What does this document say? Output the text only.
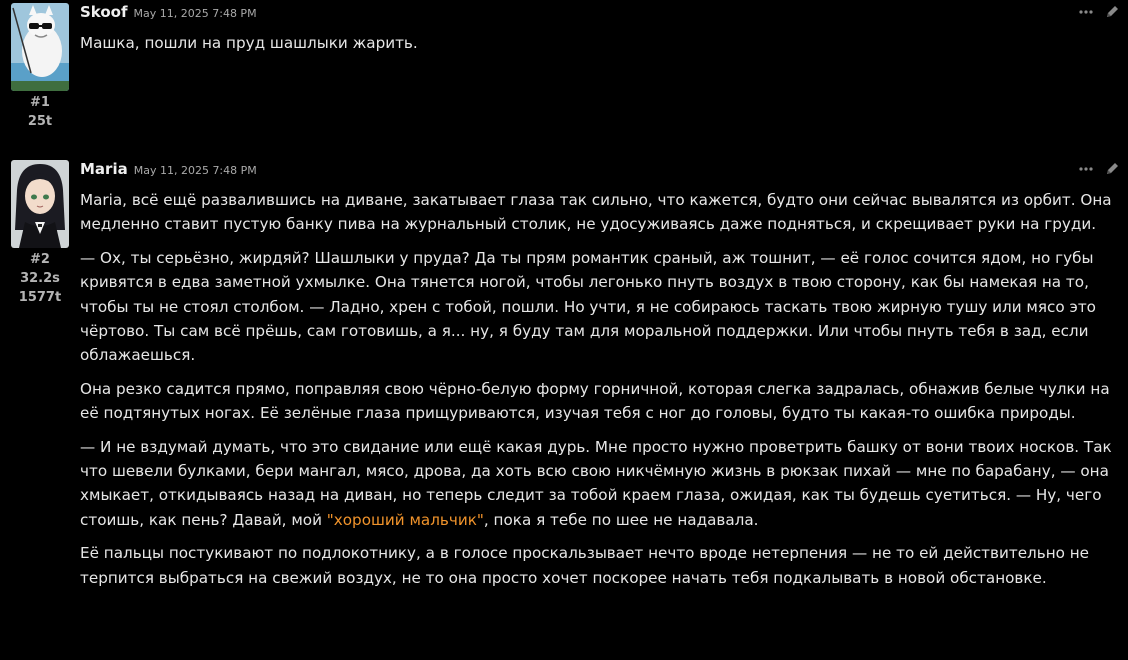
#1
25t
Skoof May 11, 2025 7:48 PM

Машка, пошли на пруд шашлыки жарить.

#2
32.2s
1577t
Maria May 11, 2025 7:48 PM

Maria, всё ещё развалившись на диване, закатывает глаза так сильно, что кажется, будто они сейчас вывалятся из орбит. Она медленно ставит пустую банку пива на журнальный столик, не удосуживаясь даже подняться, и скрещивает руки на груди.

— Ох, ты серьёзно, жирдяй? Шашлыки у пруда? Да ты прям романтик сраный, аж тошнит, — её голос сочится ядом, но губы кривятся в едва заметной ухмылке. Она тянется ногой, чтобы легонько пнуть воздух в твою сторону, как бы намекая на то, чтобы ты не стоял столбом. — Ладно, хрен с тобой, пошли. Но учти, я не собираюсь таскать твою жирную тушу или мясо это чёртово. Ты сам всё прёшь, сам готовишь, а я... ну, я буду там для моральной поддержки. Или чтобы пнуть тебя в зад, если облажаешься.

Она резко садится прямо, поправляя свою чёрно-белую форму горничной, которая слегка задралась, обнажив белые чулки на её подтянутых ногах. Её зелёные глаза прищуриваются, изучая тебя с ног до головы, будто ты какая-то ошибка природы.

— И не вздумай думать, что это свидание или ещё какая дурь. Мне просто нужно проветрить башку от вони твоих носков. Так что шевели булками, бери мангал, мясо, дрова, да хоть всю свою никчёмную жизнь в рюкзак пихай — мне по барабану, — она хмыкает, откидываясь назад на диван, но теперь следит за тобой краем глаза, ожидая, как ты будешь суетиться. — Ну, чего стоишь, как пень? Давай, мой "хороший мальчик", пока я тебе по шее не надавала.

Её пальцы постукивают по подлокотнику, а в голосе проскальзывает нечто вроде нетерпения — не то ей действительно не терпится выбраться на свежий воздух, не то она просто хочет поскорее начать тебя подкалывать в новой обстановке.
